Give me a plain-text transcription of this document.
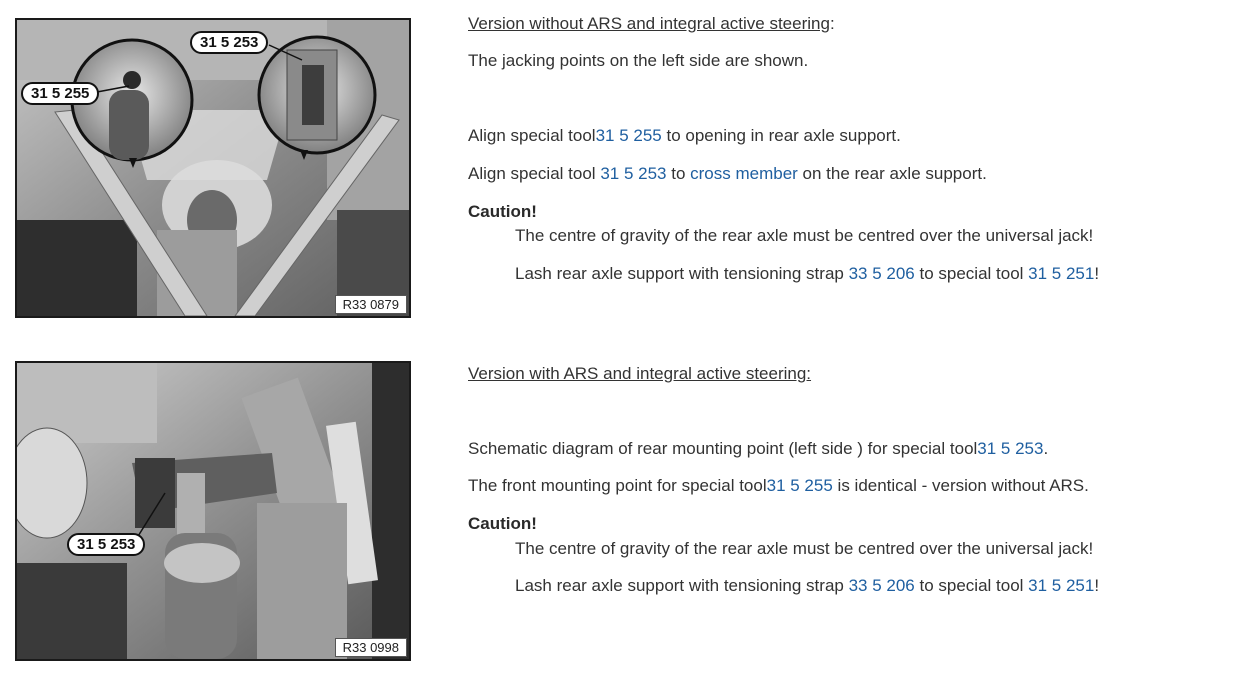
31 5 255
31 5 253
R33 0879
31 5 253
R33 0998
Version without ARS and integral active steering:
The jacking points on the left side are shown.
Align special tool31 5 255 to opening in rear axle support.
Align special tool 31 5 253 to cross member on the rear axle support.
Caution!
The centre of gravity of the rear axle must be centred over the universal jack!
Lash rear axle support with tensioning strap 33 5 206 to special tool 31 5 251!
Version with ARS and integral active steering:
Schematic diagram of rear mounting point (left side ) for special tool31 5 253.
The front mounting point for special tool31 5 255 is identical - version without ARS.
Caution!
The centre of gravity of the rear axle must be centred over the universal jack!
Lash rear axle support with tensioning strap 33 5 206 to special tool 31 5 251!
